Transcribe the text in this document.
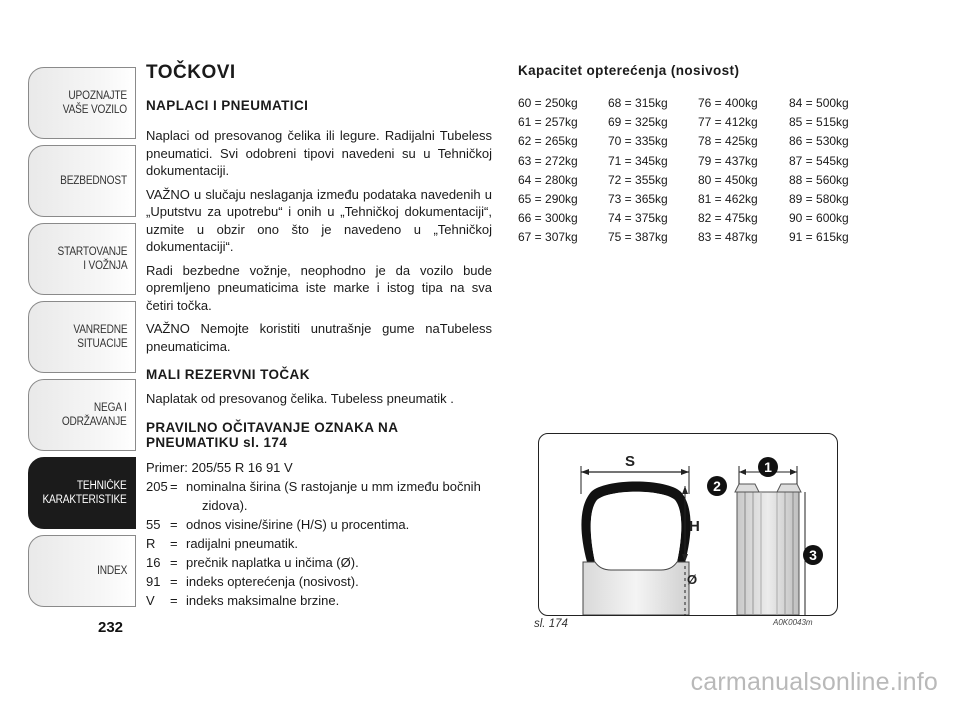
UPOZNAJTE
VAŠE VOZILO
BEZBEDNOST
STARTOVANJE
I VOŽNJA
VANREDNE
SITUACIJE
NEGA I
ODRŽAVANJE
TEHNIČKE
KARAKTERISTIKE
INDEX
232
TOČKOVI
NAPLACI I PNEUMATICI

Naplaci od presovanog čelika ili legure. Radijalni Tubeless pneumatici. Svi odobreni tipovi navedeni su u Tehničkoj dokumentaciji.

VAŽNO u slučaju neslaganja između podataka navedenih u „Uputstvu za upotrebu“ i onih u „Tehničkoj dokumentaciji“, uzmite u obzir ono što je navedeno u „Tehničkoj dokumentaciji“.

Radi bezbedne vožnje, neophodno je da vozilo bude opremljeno pneumaticima iste marke i istog tipa na sva četiri točka.

VAŽNO Nemojte koristiti unutrašnje gume naTubeless pneumaticima.

MALI REZERVNI TOČAK

Naplatak od presovanog čelika. Tubeless pneumatik .

PRAVILNO OČITAVANJE OZNAKA NA PNEUMATIKU sl. 174
Primer: 205/55 R 16 91 V
205 = nominalna širina (S rastojanje u mm između bočnih
zidova).
55 = odnos visine/širine (H/S) u procentima.
R	= radijalni pneumatik.
16 = prečnik naplatka u inčima (Ø).
91 = indeks opterećenja (nosivost).
V	= indeks maksimalne brzine.
Kapacitet opterećenja (nosivost)
60 = 250kg	68 = 315kg	76 = 400kg	84 = 500kg
61 = 257kg	69 = 325kg	77 = 412kg	85 = 515kg
62 = 265kg	70 = 335kg	78 = 425kg	86 = 530kg
63 = 272kg	71 = 345kg	79 = 437kg	87 = 545kg
64 = 280kg	72 = 355kg	80 = 450kg	88 = 560kg
65 = 290kg	73 = 365kg	81 = 462kg	89 = 580kg
66 = 300kg	74 = 375kg	82 = 475kg	90 = 600kg
67 = 307kg	75 = 387kg	83 = 487kg	91 = 615kg
S
H
Ø
1
2
3
sl. 174	A0K0043m
carmanualsonline.info
